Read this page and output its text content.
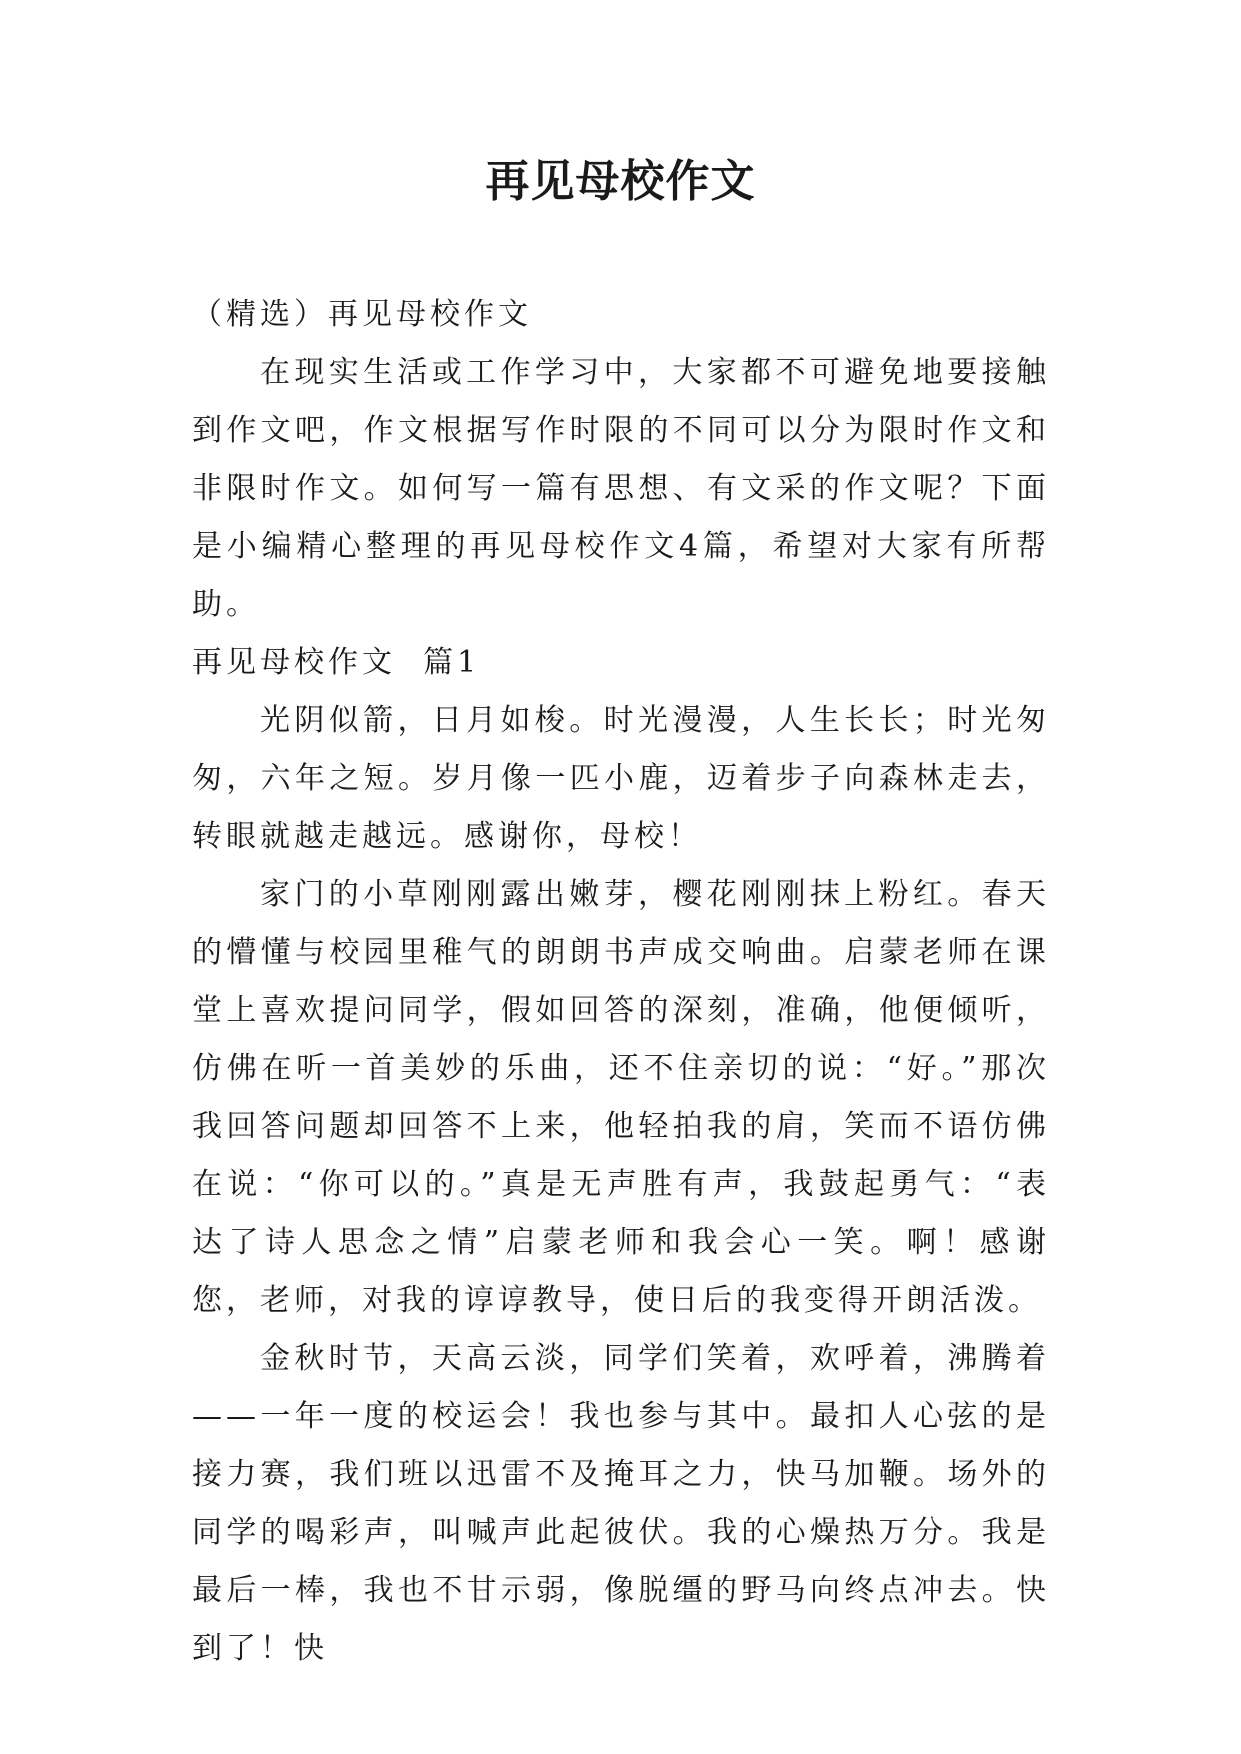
再见母校作文

（精选）再见母校作文

在现实生活或工作学习中，大家都不可避免地要接触到作文吧，作文根据写作时限的不同可以分为限时作文和非限时作文。如何写一篇有思想、有文采的作文呢？下面是小编精心整理的再见母校作文4篇，希望对大家有所帮助。

再见母校作文  篇1

光阴似箭，日月如梭。时光漫漫，人生长长；时光匆匆，六年之短。岁月像一匹小鹿，迈着步子向森林走去，转眼就越走越远。感谢你，母校！

家门的小草刚刚露出嫩芽，樱花刚刚抹上粉红。春天的懵懂与校园里稚气的朗朗书声成交响曲。启蒙老师在课堂上喜欢提问同学，假如回答的深刻，准确，他便倾听，仿佛在听一首美妙的乐曲，还不住亲切的说：“好。”那次我回答问题却回答不上来，他轻拍我的肩，笑而不语仿佛在说：“你可以的。”真是无声胜有声，我鼓起勇气：“表达了诗人思念之情”启蒙老师和我会心一笑。啊！感谢您，老师，对我的谆谆教导，使日后的我变得开朗活泼。

金秋时节，天高云淡，同学们笑着，欢呼着，沸腾着——一年一度的校运会！我也参与其中。最扣人心弦的是接力赛，我们班以迅雷不及掩耳之力，快马加鞭。场外的同学的喝彩声，叫喊声此起彼伏。我的心燥热万分。我是最后一棒，我也不甘示弱，像脱缰的野马向终点冲去。快到了！快
